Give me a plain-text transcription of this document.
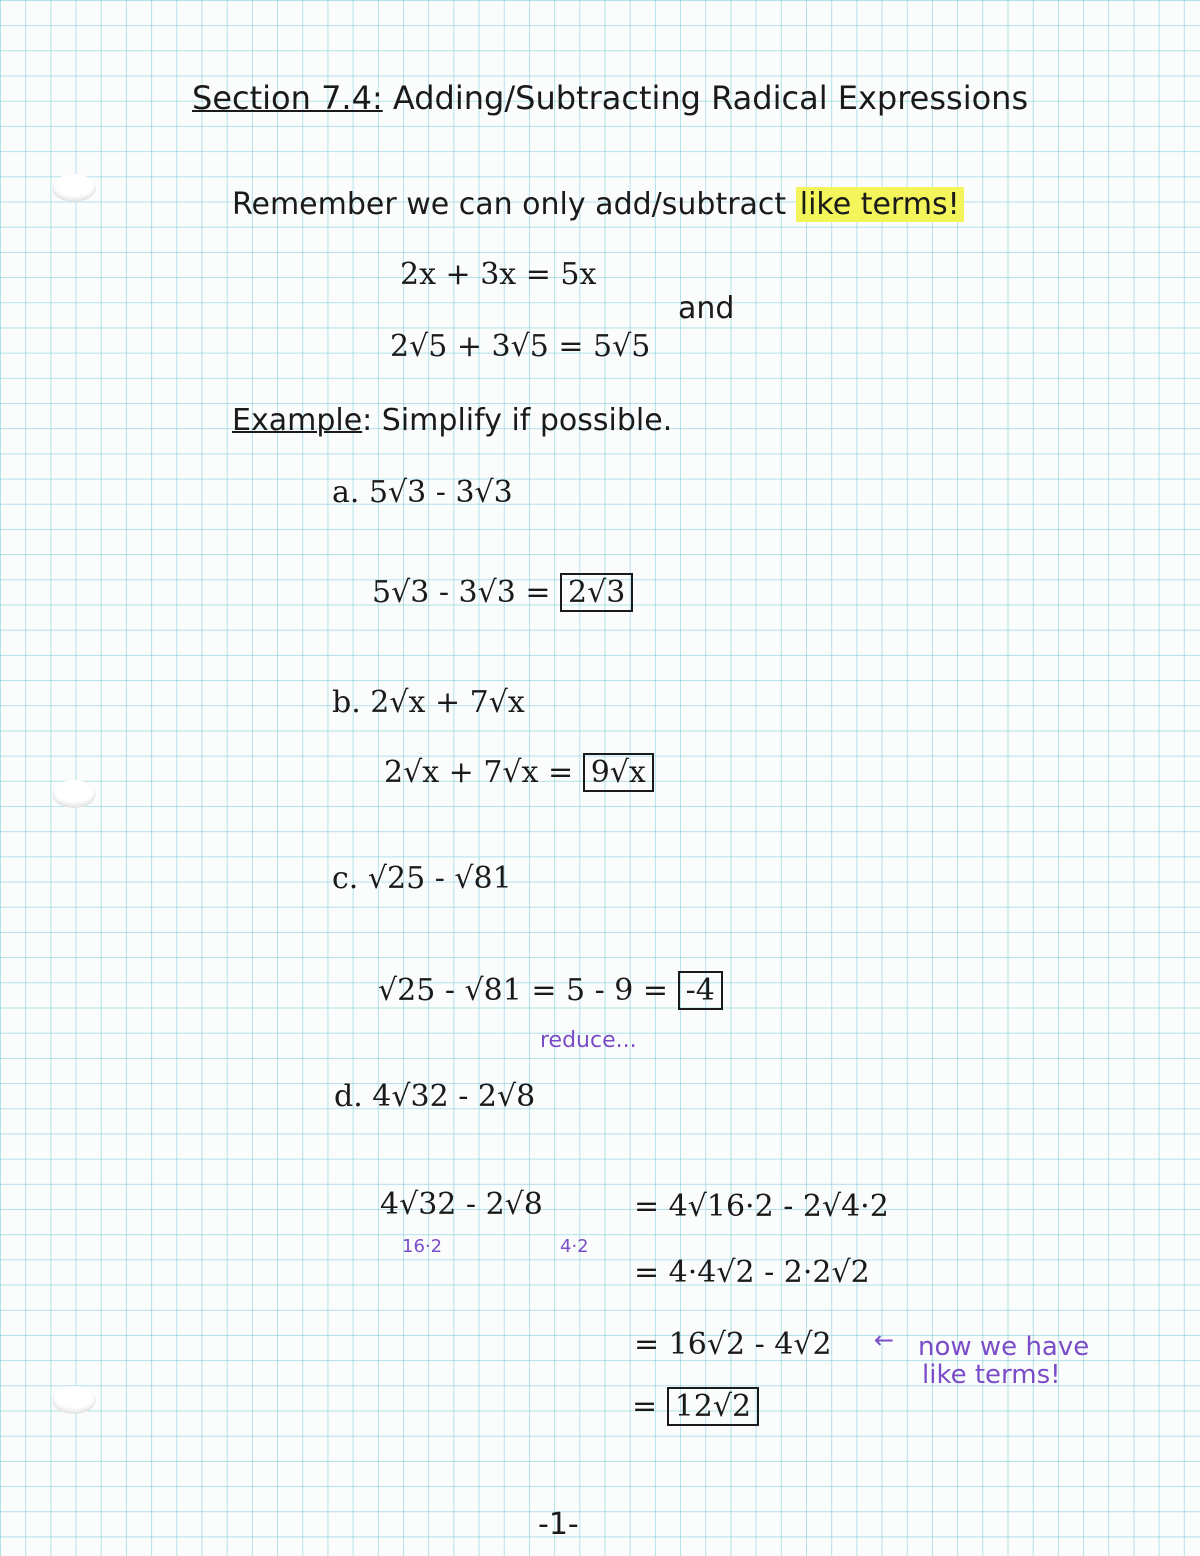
Section 7.4: Adding/Subtracting Radical Expressions
Remember we can only add/subtract like terms!
2x + 3x = 5x
and
2√5 + 3√5 = 5√5
Example: Simplify if possible.
a. 5√3 - 3√3
5√3 - 3√3 = 2√3
b. 2√x + 7√x
2√x + 7√x = 9√x
c. √25 - √81
√25 - √81 = 5 - 9 = -4
reduce...
d. 4√32 - 2√8
4√32 - 2√8
16·2	4·2
= 4√16·2 - 2√4·2
= 4·4√2 - 2·2√2
= 16√2 - 4√2 ← now we have
like terms!
= 12√2
-1-
